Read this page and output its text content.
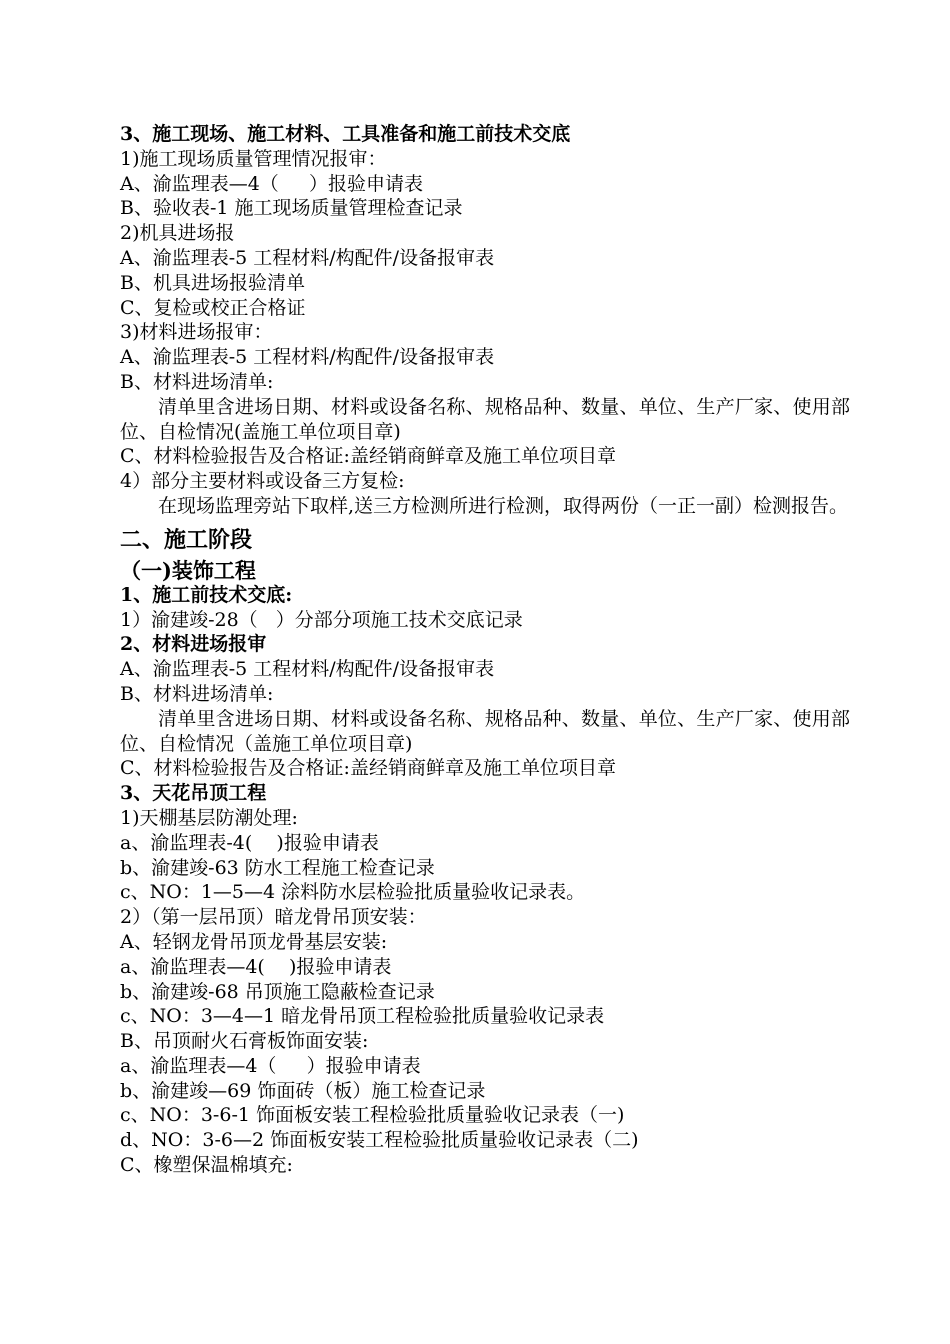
3、施工现场、施工材料、工具准备和施工前技术交底
1)施工现场质量管理情况报审：
A、渝监理表—4（     ）报验申请表
B、验收表-1 施工现场质量管理检查记录
2)机具进场报
A、渝监理表-5 工程材料/构配件/设备报审表
B、机具进场报验清单
C、复检或校正合格证
3)材料进场报审：
A、渝监理表-5 工程材料/构配件/设备报审表
B、材料进场清单:
清单里含进场日期、材料或设备名称、规格品种、数量、单位、生产厂家、使用部位、自检情况(盖施工单位项目章)
C、材料检验报告及合格证:盖经销商鲜章及施工单位项目章
4）部分主要材料或设备三方复检:
在现场监理旁站下取样,送三方检测所进行检测，取得两份（一正一副）检测报告。
二、施工阶段
（一)装饰工程
1、施工前技术交底:
1）渝建竣-28（   ）分部分项施工技术交底记录
2、材料进场报审
A、渝监理表-5 工程材料/构配件/设备报审表
B、材料进场清单:
清单里含进场日期、材料或设备名称、规格品种、数量、单位、生产厂家、使用部位、自检情况（盖施工单位项目章)
C、材料检验报告及合格证:盖经销商鲜章及施工单位项目章
3、天花吊顶工程
1)天棚基层防潮处理:
a、渝监理表-4(    )报验申请表
b、渝建竣-63 防水工程施工检查记录
c、NO：1—5—4 涂料防水层检验批质量验收记录表。
2）（第一层吊顶）暗龙骨吊顶安装：
A、轻钢龙骨吊顶龙骨基层安装:
a、渝监理表—4(    )报验申请表
b、渝建竣-68 吊顶施工隐蔽检查记录
c、NO：3—4—1 暗龙骨吊顶工程检验批质量验收记录表
B、吊顶耐火石膏板饰面安装:
a、渝监理表—4（     ）报验申请表
b、渝建竣—69 饰面砖（板）施工检查记录
c、NO：3-6-1 饰面板安装工程检验批质量验收记录表（一)
d、NO：3-6—2 饰面板安装工程检验批质量验收记录表（二)
C、橡塑保温棉填充:
